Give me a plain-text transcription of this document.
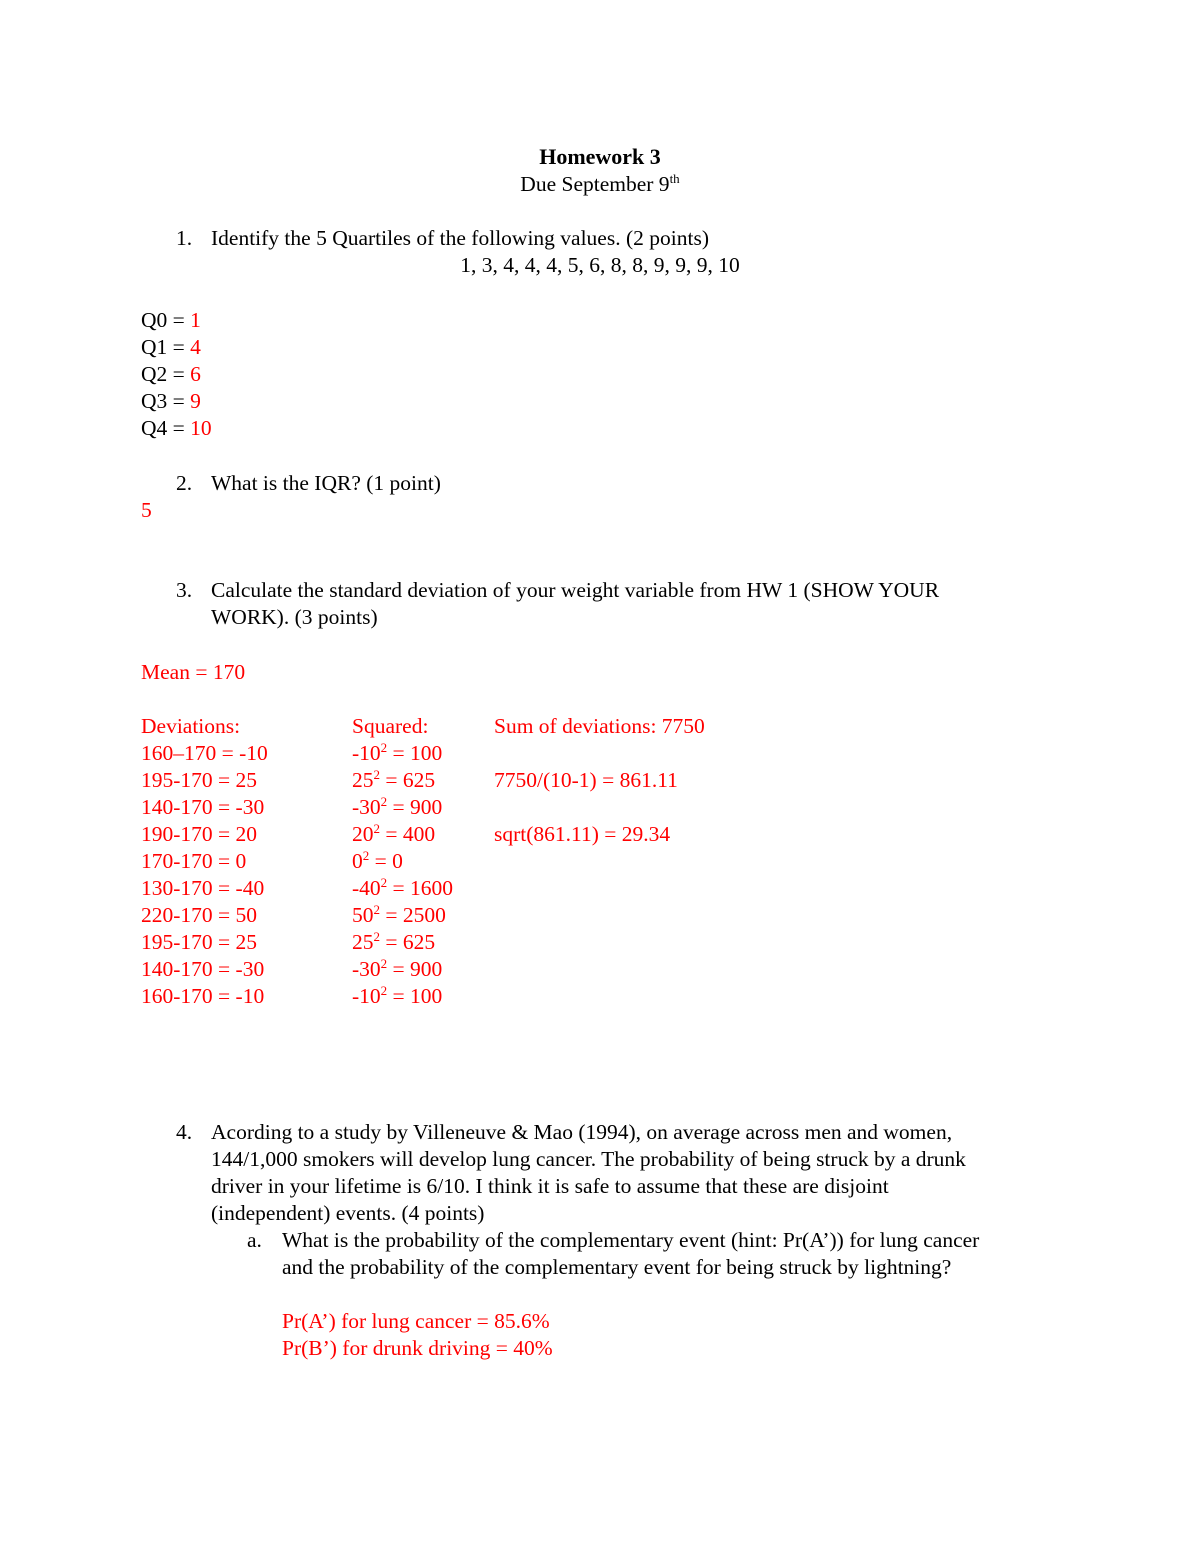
Homework 3
Due September 9th
1. Identify the 5 Quartiles of the following values. (2 points)
1, 3, 4, 4, 4, 5, 6, 8, 8, 9, 9, 9, 10
Q0 = 1
Q1 = 4
Q2 = 6
Q3 = 9
Q4 = 10
2. What is the IQR? (1 point)
5
3. Calculate the standard deviation of your weight variable from HW 1 (SHOW YOUR
WORK). (3 points)
Mean = 170
Deviations:	Squared:	Sum of deviations: 7750
7750/(10-1) = 861.11
sqrt(861.11) = 29.34
160–170 = -10	$-10^2 = 100$
195-170 = 25	$25^2 = 625$
140-170 = -30	$-30^2 = 900$
190-170 = 20	$20^2 = 400$
170-170 = 0	$0^2 = 0$
130-170 = -40	$-40^2 = 1600$
220-170 = 50	$50^2 = 2500$
195-170 = 25	$25^2 = 625$
140-170 = -30	$-30^2 = 900$
160-170 = -10	$-10^2 = 100$
4. Acording to a study by Villeneuve & Mao (1994), on average across men and women,
144/1,000 smokers will develop lung cancer. The probability of being struck by a drunk
driver in your lifetime is 6/10. I think it is safe to assume that these are disjoint
(independent) events. (4 points)
a. What is the probability of the complementary event (hint: Pr(A’)) for lung cancer
and the probability of the complementary event for being struck by lightning?
Pr(A’) for lung cancer = 85.6%
Pr(B’) for drunk driving = 40%
